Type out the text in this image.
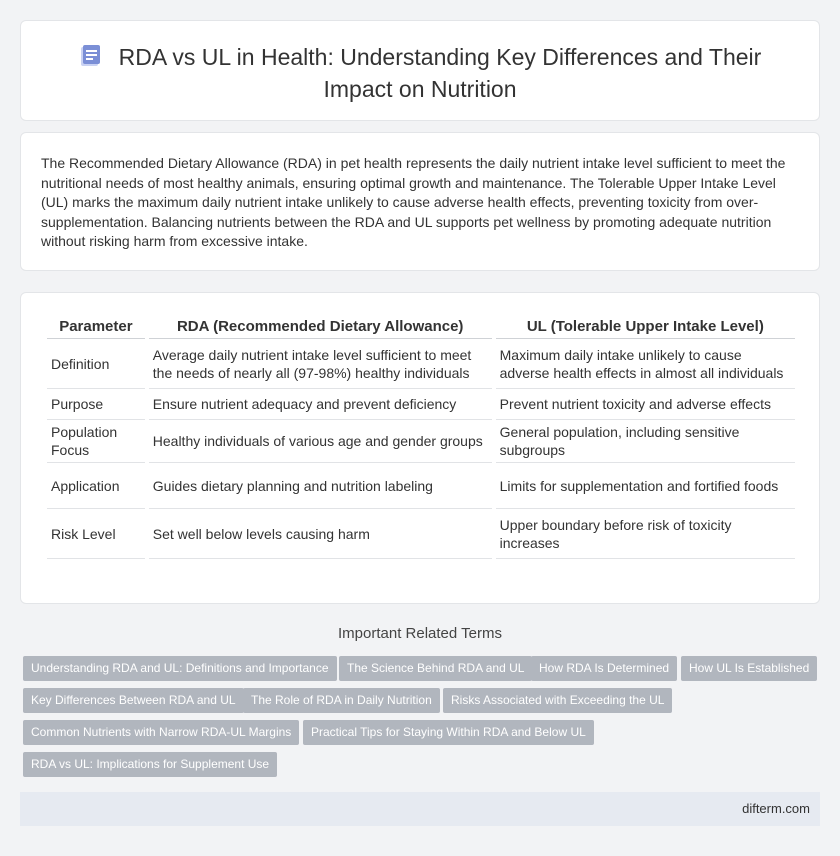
RDA vs UL in Health: Understanding Key Differences and Their Impact on Nutrition

The Recommended Dietary Allowance (RDA) in pet health represents the daily nutrient intake level sufficient to meet the nutritional needs of most healthy animals, ensuring optimal growth and maintenance. The Tolerable Upper Intake Level (UL) marks the maximum daily nutrient intake unlikely to cause adverse health effects, preventing toxicity from over-supplementation. Balancing nutrients between the RDA and UL supports pet wellness by promoting adequate nutrition without risking harm from excessive intake.

Parameter	RDA (Recommended Dietary Allowance)	UL (Tolerable Upper Intake Level)
Definition	Average daily nutrient intake level sufficient to meet the needs of nearly all (97-98%) healthy individuals	Maximum daily intake unlikely to cause adverse health effects in almost all individuals
Purpose	Ensure nutrient adequacy and prevent deficiency	Prevent nutrient toxicity and adverse effects
Population Focus	Healthy individuals of various age and gender groups	General population, including sensitive subgroups
Application	Guides dietary planning and nutrition labeling	Limits for supplementation and fortified foods
Risk Level	Set well below levels causing harm	Upper boundary before risk of toxicity increases
Important Related Terms
Understanding RDA and UL: Definitions and Importance	The Science Behind RDA and UL	How RDA Is Determined	How UL Is Established
Key Differences Between RDA and UL	The Role of RDA in Daily Nutrition	Risks Associated with Exceeding the UL
Common Nutrients with Narrow RDA-UL Margins	Practical Tips for Staying Within RDA and Below UL
RDA vs UL: Implications for Supplement Use
difterm.com
